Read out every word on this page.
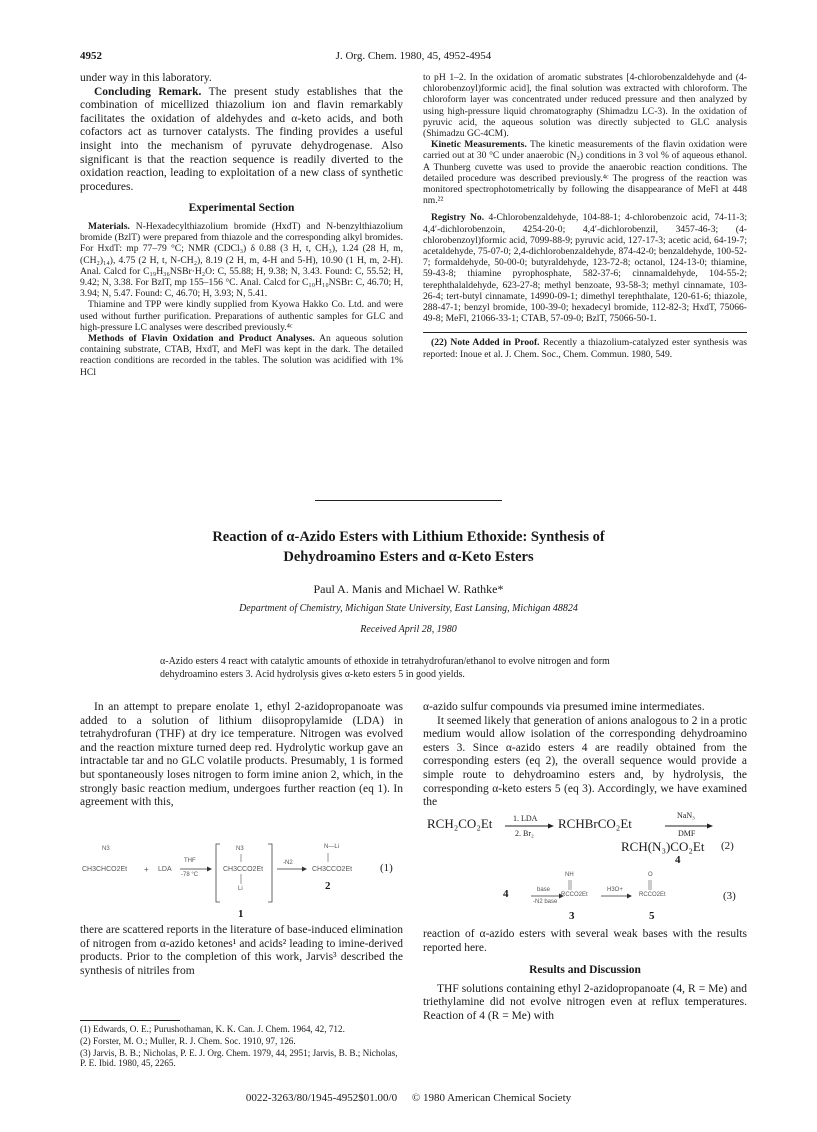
4952	J. Org. Chem. 1980, 45, 4952-4954

under way in this laboratory.

Concluding Remark. The present study establishes that the combination of micellized thiazolium ion and flavin remarkably facilitates the oxidation of aldehydes and α-keto acids, and both cofactors act as turnover catalysts. The finding provides a useful insight into the mechanism of pyruvate dehydrogenase. Also significant is that the reaction sequence is readily diverted to the oxidation reaction, leading to exploitation of a new class of synthetic procedures.

Experimental Section

Materials. N-Hexadecylthiazolium bromide (HxdT) and N-benzylthiazolium bromide (BzlT) were prepared from thiazole and the corresponding alkyl bromides. For HxdT: mp 77–79 °C; NMR (CDCl₃) δ 0.88 (3 H, t, CH₃), 1.24 (28 H, m, (CH₂)₁₄), 4.75 (2 H, t, N-CH₂), 8.19 (2 H, m, 4-H and 5-H), 10.90 (1 H, m, 2-H). Anal. Calcd for C₁₉H₃₆NSBr·H₂O: C, 55.88; H, 9.38; N, 3.43. Found: C, 55.52; H, 9.42; N, 3.38. For BzlT, mp 155–156 °C. Anal. Calcd for C₁₀H₁₀NSBr: C, 46.70; H, 3.94; N, 5.47. Found: C, 46.70; H, 3.93; N, 5.41.

Thiamine and TPP were kindly supplied from Kyowa Hakko Co. Ltd. and were used without further purification. Preparations of authentic samples for GLC and high-pressure LC analyses were described previously.⁴ᶜ

Methods of Flavin Oxidation and Product Analyses. An aqueous solution containing substrate, CTAB, HxdT, and MeFl was kept in the dark. The detailed reaction conditions are recorded in the tables. The solution was acidified with 1% HCl

to pH 1–2. In the oxidation of aromatic substrates [4-chlorobenzaldehyde and (4-chlorobenzoyl)formic acid], the final solution was extracted with chloroform. The chloroform layer was concentrated under reduced pressure and then analyzed by using high-pressure liquid chromatography (Shimadzu LC-3). In the oxidation of pyruvic acid, the aqueous solution was directly subjected to GLC analysis (Shimadzu GC-4CM).

Kinetic Measurements. The kinetic measurements of the flavin oxidation were carried out at 30 °C under anaerobic (N₂) conditions in 3 vol % of aqueous ethanol. A Thunberg cuvette was used to provide the anaerobic reaction conditions. The detailed procedure was described previously.⁴ᶜ The progress of the reaction was monitored spectrophotometrically by following the disappearance of MeFl at 448 nm.²²

Registry No. 4-Chlorobenzaldehyde, 104-88-1; 4-chlorobenzoic acid, 74-11-3; 4,4′-dichlorobenzoin, 4254-20-0; 4,4′-dichlorobenzil, 3457-46-3; (4-chlorobenzoyl)formic acid, 7099-88-9; pyruvic acid, 127-17-3; acetic acid, 64-19-7; acetaldehyde, 75-07-0; 2,4-dichlorobenzaldehyde, 874-42-0; benzaldehyde, 100-52-7; formaldehyde, 50-00-0; butyraldehyde, 123-72-8; octanol, 124-13-0; thiamine, 59-43-8; thiamine pyrophosphate, 582-37-6; cinnamaldehyde, 104-55-2; terephthalaldehyde, 623-27-8; methyl benzoate, 93-58-3; methyl cinnamate, 103-26-4; tert-butyl cinnamate, 14990-09-1; dimethyl terephthalate, 120-61-6; thiazole, 288-47-1; benzyl bromide, 100-39-0; hexadecyl bromide, 112-82-3; HxdT, 75066-49-8; MeFl, 21066-33-1; CTAB, 57-09-0; BzlT, 75066-50-1.

(22) Note Added in Proof. Recently a thiazolium-catalyzed ester synthesis was reported: Inoue et al. J. Chem. Soc., Chem. Commun. 1980, 549.

Reaction of α-Azido Esters with Lithium Ethoxide: Synthesis of
Dehydroamino Esters and α-Keto Esters
Paul A. Manis and Michael W. Rathke*
Department of Chemistry, Michigan State University, East Lansing, Michigan 48824
Received April 28, 1980
α-Azido esters 4 react with catalytic amounts of ethoxide in tetrahydrofuran/ethanol to evolve nitrogen and form dehydroamino esters 3. Acid hydrolysis gives α-keto esters 5 in good yields.

In an attempt to prepare enolate 1, ethyl 2-azidopropanoate was added to a solution of lithium diisopropylamide (LDA) in tetrahydrofuran (THF) at dry ice temperature. Nitrogen was evolved and the reaction mixture turned deep red. Hydrolytic workup gave an intractable tar and no GLC volatile products. Presumably, 1 is formed but spontaneously loses nitrogen to form imine anion 2, which, in the strongly basic reaction medium, undergoes further reaction (eq 1). In agreement with this,

N3
CH3CHCO2Et + LDA
THF
-78 °C
N3
CH3CCO2Et
Li
-N2
N—Li
CH3CCO2Et
2
(1)
1

there are scattered reports in the literature of base-induced elimination of nitrogen from α-azido ketones¹ and acids² leading to imine-derived products. Prior to the completion of this work, Jarvis³ described the synthesis of nitriles from

(1) Edwards, O. E.; Purushothaman, K. K. Can. J. Chem. 1964, 42, 712.
(2) Forster, M. O.; Muller, R. J. Chem. Soc. 1910, 97, 126.
(3) Jarvis, B. B.; Nicholas, P. E. J. Org. Chem. 1979, 44, 2951; Jarvis, B. B.; Nicholas, P. E. Ibid. 1980, 45, 2265.

α-azido sulfur compounds via presumed imine intermediates.

It seemed likely that generation of anions analogous to 2 in a protic medium would allow isolation of the corresponding dehydroamino esters 3. Since α-azido esters 4 are readily obtained from the corresponding esters (eq 2), the overall sequence would provide a simple route to dehydroamino esters and, by hydrolysis, the corresponding α-keto esters 5 (eq 3). Accordingly, we have examined the

RCH₂CO₂Et	1. LDA
2. Br₂
RCHBrCO₂Et
NaN₃
DMF
RCH(N₃)CO₂Et (2)
4
4	base
-N2 base
NH
RCCO2Et
H3O+
O
RCCO2Et	(3)
3	5

reaction of α-azido esters with several weak bases with the results reported here.

Results and Discussion

THF solutions containing ethyl 2-azidopropanoate (4, R = Me) and triethylamine did not evolve nitrogen even at reflux temperatures. Reaction of 4 (R = Me) with

0022-3263/80/1945-4952$01.00/0 © 1980 American Chemical Society
